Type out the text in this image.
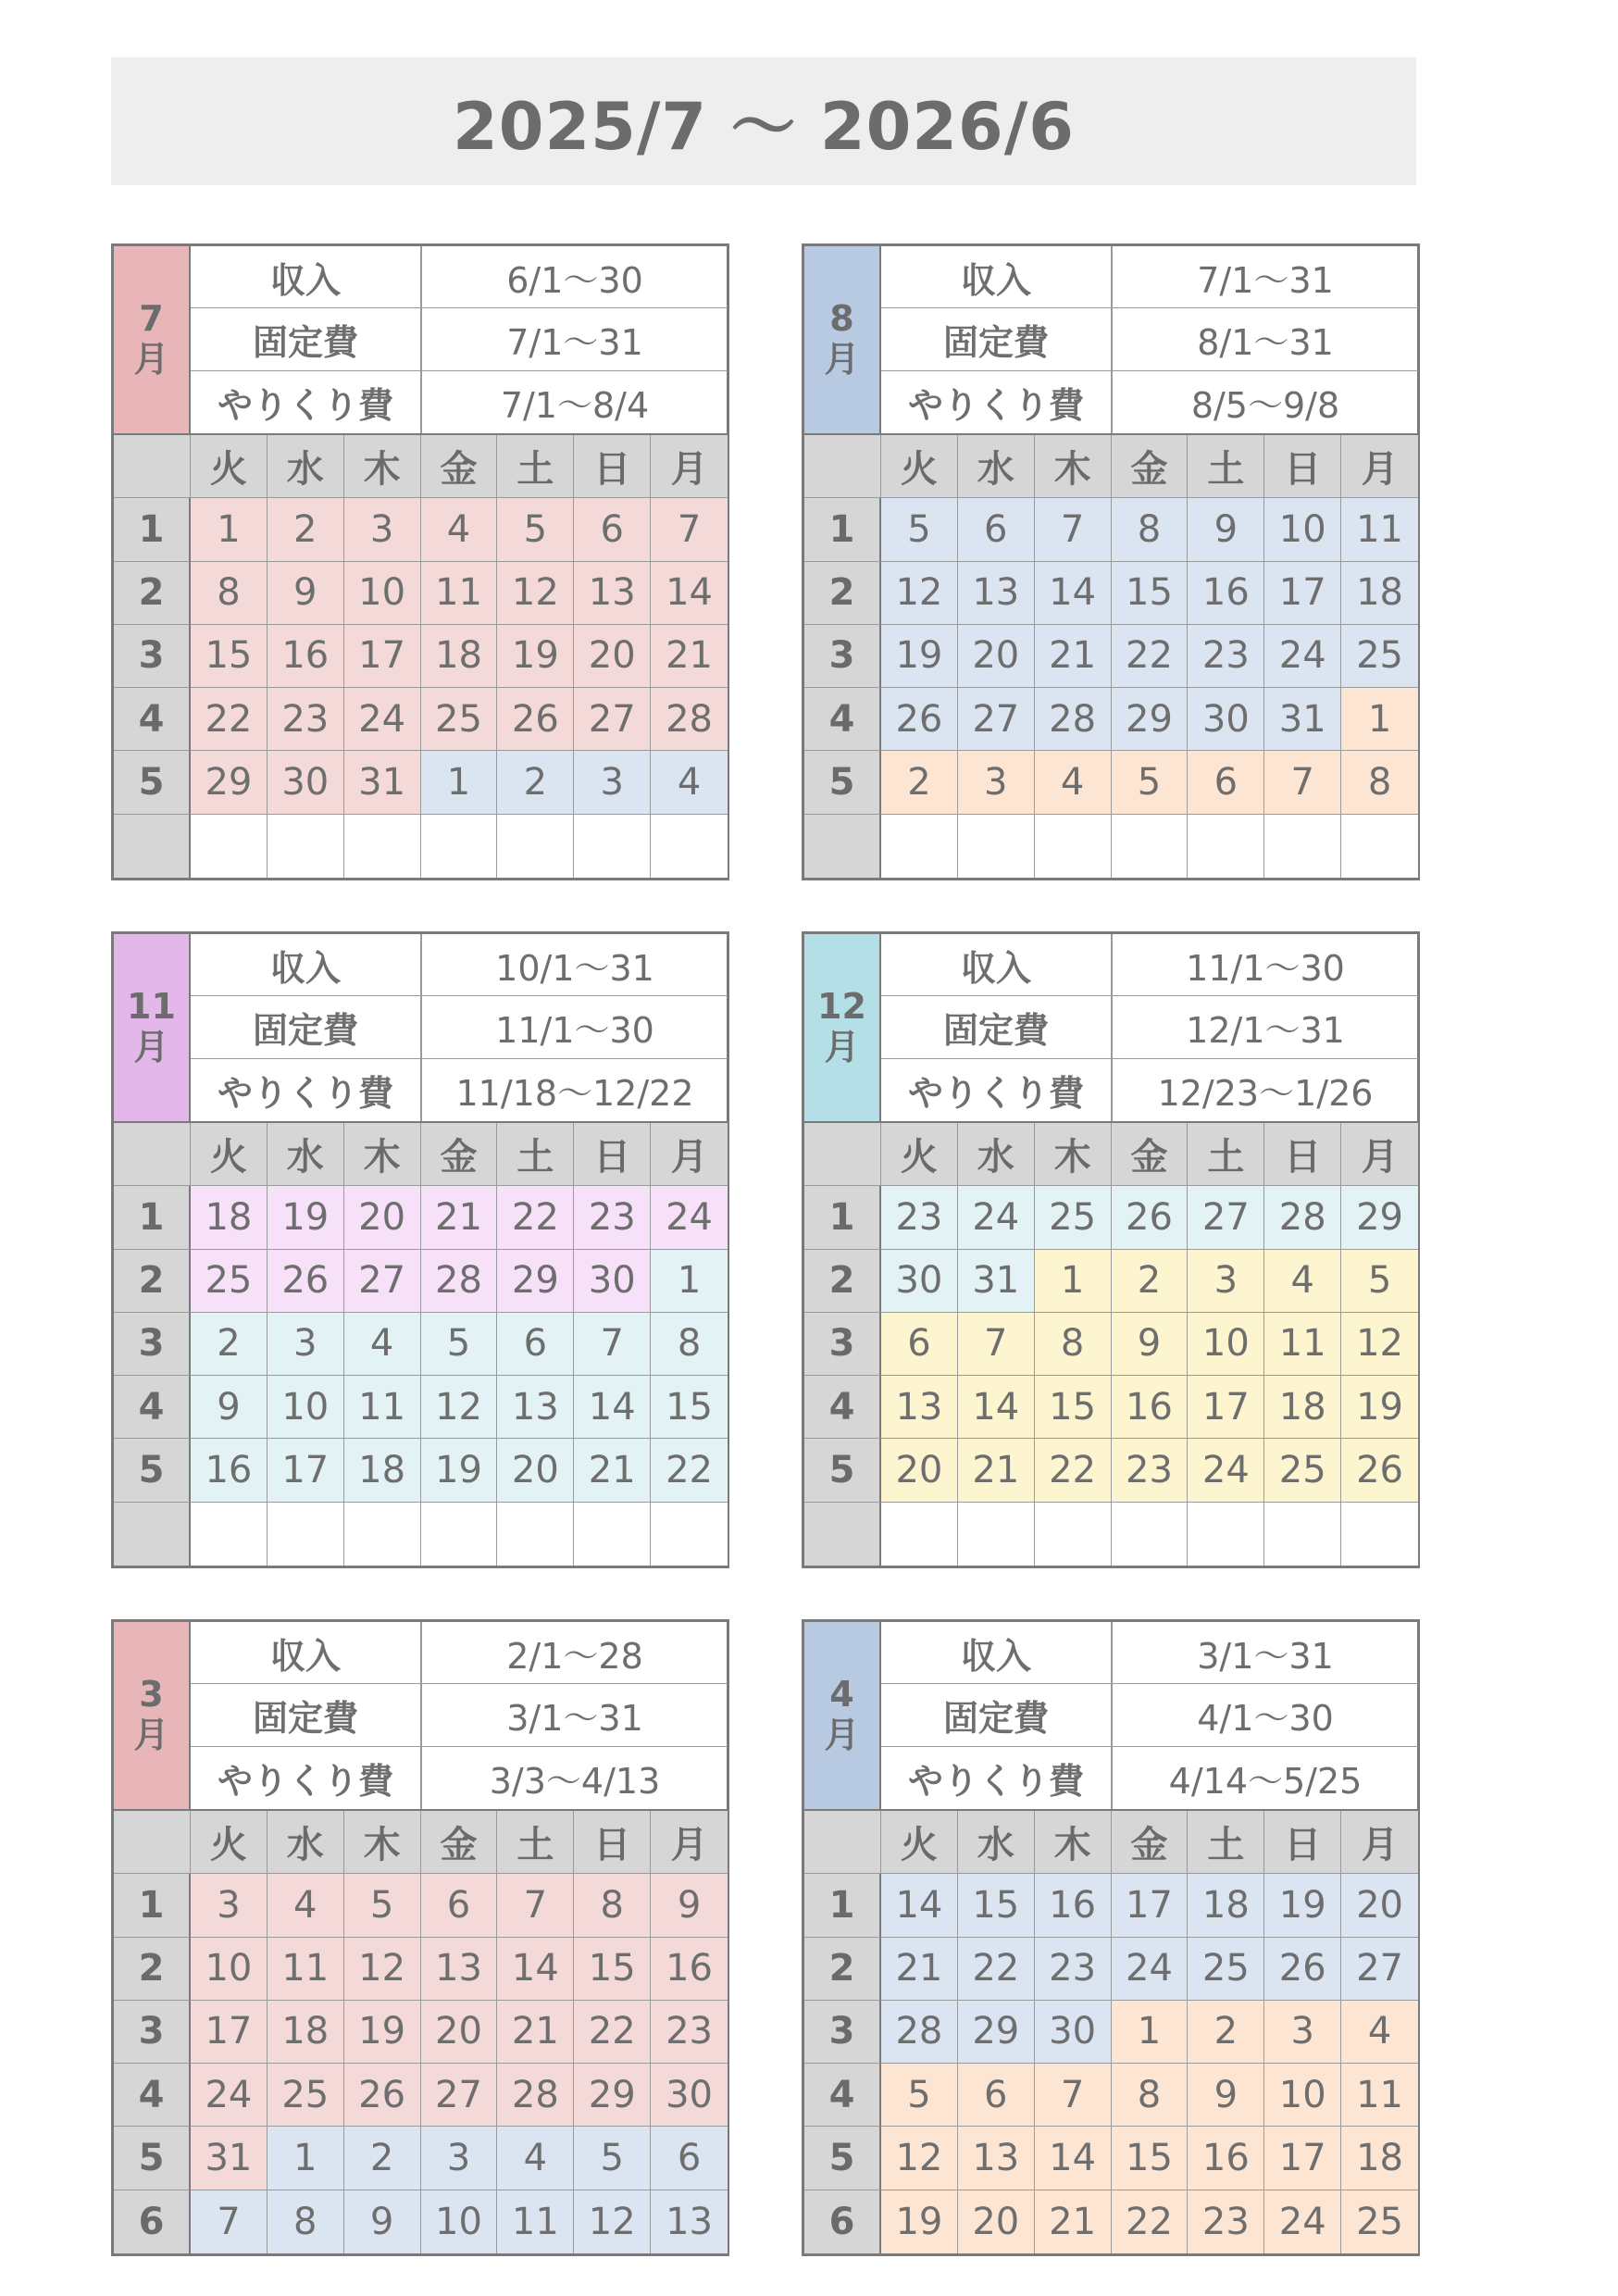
2025/7 ～ 2026/6
7
月
収入	6/1～30
固定費	7/1～31
やりくり費	7/1～8/4
火	水	木	金	土	日	月
1	1	2	3	4	5	6	7
2	8	9	10 11 12 13 14
3	15 16 17 18 19 20 21
4	22 23 24 25 26 27 28
5	29 30 31	1	2	3	4
8
月
収入	7/1～31
固定費	8/1～31
やりくり費	8/5～9/8
火	水	木	金	土	日	月
1	5	6	7	8	9	10 11
2	12 13 14 15 16 17 18
3	19 20 21 22 23 24 25
4	26 27 28 29 30 31	1
5	2	3	4	5	6	7	8
11
月
収入	10/1～31
固定費	11/1～30
やりくり費	11/18～12/22
火	水	木	金	土	日	月
1	18 19 20 21 22 23 24
2	25 26 27 28 29 30	1
3	2	3	4	5	6	7	8
4	9	10 11 12 13 14 15
5	16 17 18 19 20 21 22
12
月
収入	11/1～30
固定費	12/1～31
やりくり費	12/23～1/26
火	水	木	金	土	日	月
1	23 24 25 26 27 28 29
2	30 31	1	2	3	4	5
3	6	7	8	9	10 11 12
4	13 14 15 16 17 18 19
5	20 21 22 23 24 25 26
3
月
収入	2/1～28
固定費	3/1～31
やりくり費	3/3～4/13
火	水	木	金	土	日	月
1	3	4	5	6	7	8	9
2	10 11 12 13 14 15 16
3	17 18 19 20 21 22 23
4	24 25 26 27 28 29 30
5	31	1	2	3	4	5	6
6	7	8	9	10 11 12 13
4
月
収入	3/1～31
固定費	4/1～30
やりくり費	4/14～5/25
火	水	木	金	土	日	月
1	14 15 16 17 18 19 20
2	21 22 23 24 25 26 27
3	28 29 30	1	2	3	4
4	5	6	7	8	9	10 11
5	12 13 14 15 16 17 18
6	19 20 21 22 23 24 25
